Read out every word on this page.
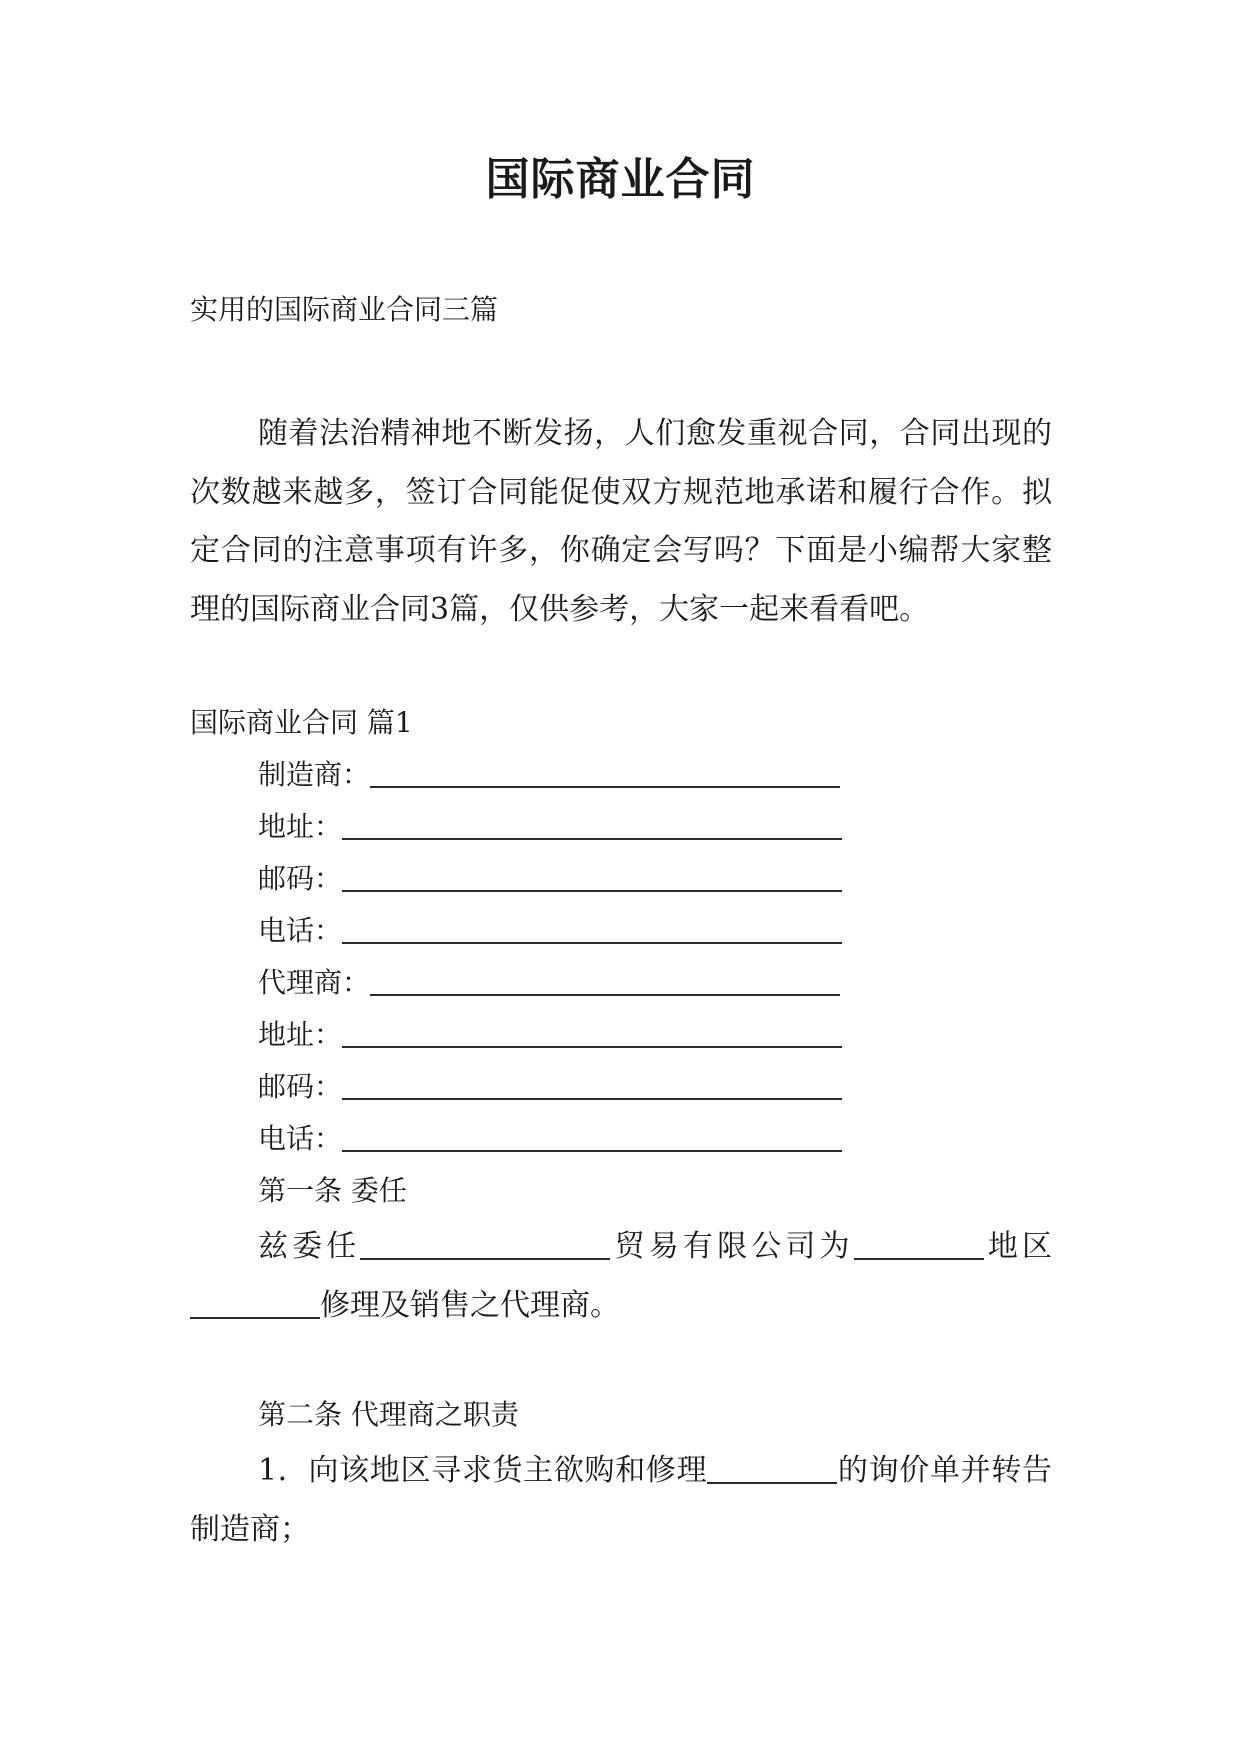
国际商业合同
实用的国际商业合同三篇
随着法治精神地不断发扬，人们愈发重视合同，合同出现的次数越来越多，签订合同能促使双方规范地承诺和履行合作。拟定合同的注意事项有许多，你确定会写吗？下面是小编帮大家整理的国际商业合同3篇，仅供参考，大家一起来看看吧。
国际商业合同 篇1
制造商：
地址：
邮码：
电话：
代理商：
地址：
邮码：
电话：
第一条 委任
兹委任	贸易有限公司为	地区修理及销售之代理商。
第二条 代理商之职责
1．向该地区寻求货主欲购和修理	的询价单并转告制造商；
